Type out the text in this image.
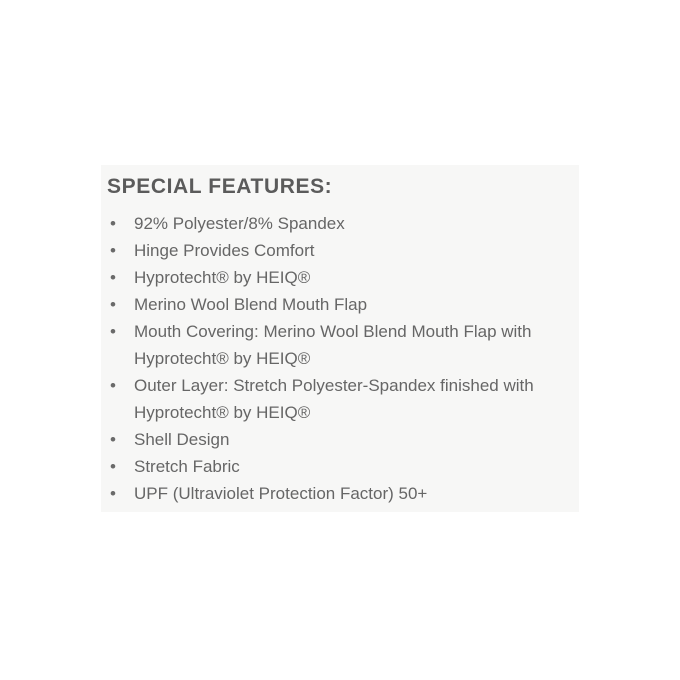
SPECIAL FEATURES:
• 92% Polyester/8% Spandex
• Hinge Provides Comfort
• Hyprotecht® by HEIQ®
• Merino Wool Blend Mouth Flap
• Mouth Covering: Merino Wool Blend Mouth Flap with Hyprotecht® by HEIQ®
• Outer Layer: Stretch Polyester-Spandex finished with Hyprotecht® by HEIQ®
• Shell Design
• Stretch Fabric
• UPF (Ultraviolet Protection Factor) 50+
